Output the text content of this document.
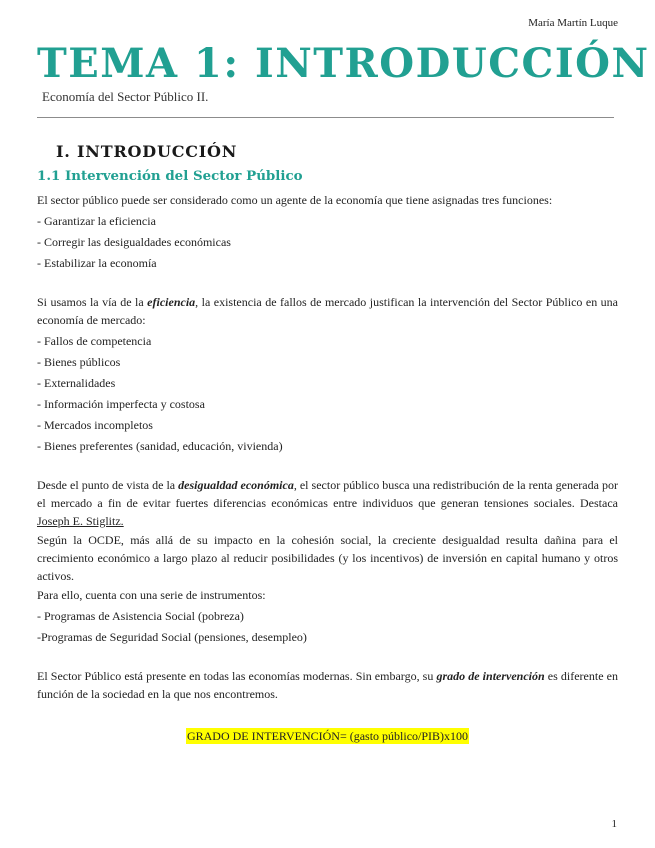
María Martín Luque
TEMA 1: INTRODUCCIÓN
Economía del Sector Público II.
I. INTRODUCCIÓN
1.1 Intervención del Sector Público

El sector público puede ser considerado como un agente de la economía que tiene asignadas tres funciones:

- Garantizar la eficiencia

- Corregir las desigualdades económicas

- Estabilizar la economía

Si usamos la vía de la eficiencia, la existencia de fallos de mercado justifican la intervención del Sector Público en una economía de mercado:

- Fallos de competencia

- Bienes públicos

- Externalidades

- Información imperfecta y costosa

- Mercados incompletos

- Bienes preferentes (sanidad, educación, vivienda)

Desde el punto de vista de la desigualdad económica, el sector público busca una redistribución de la renta generada por el mercado a fin de evitar fuertes diferencias económicas entre individuos que generan tensiones sociales. Destaca Joseph E. Stiglitz.

Según la OCDE, más allá de su impacto en la cohesión social, la creciente desigualdad resulta dañina para el crecimiento económico a largo plazo al reducir posibilidades (y los incentivos) de inversión en capital humano y otros activos.

Para ello, cuenta con una serie de instrumentos:

- Programas de Asistencia Social (pobreza)

-Programas de Seguridad Social (pensiones, desempleo)

El Sector Público está presente en todas las economías modernas. Sin embargo, su grado de intervención es diferente en función de la sociedad en la que nos encontremos.

GRADO DE INTERVENCIÓN= (gasto público/PIB)x100
1
